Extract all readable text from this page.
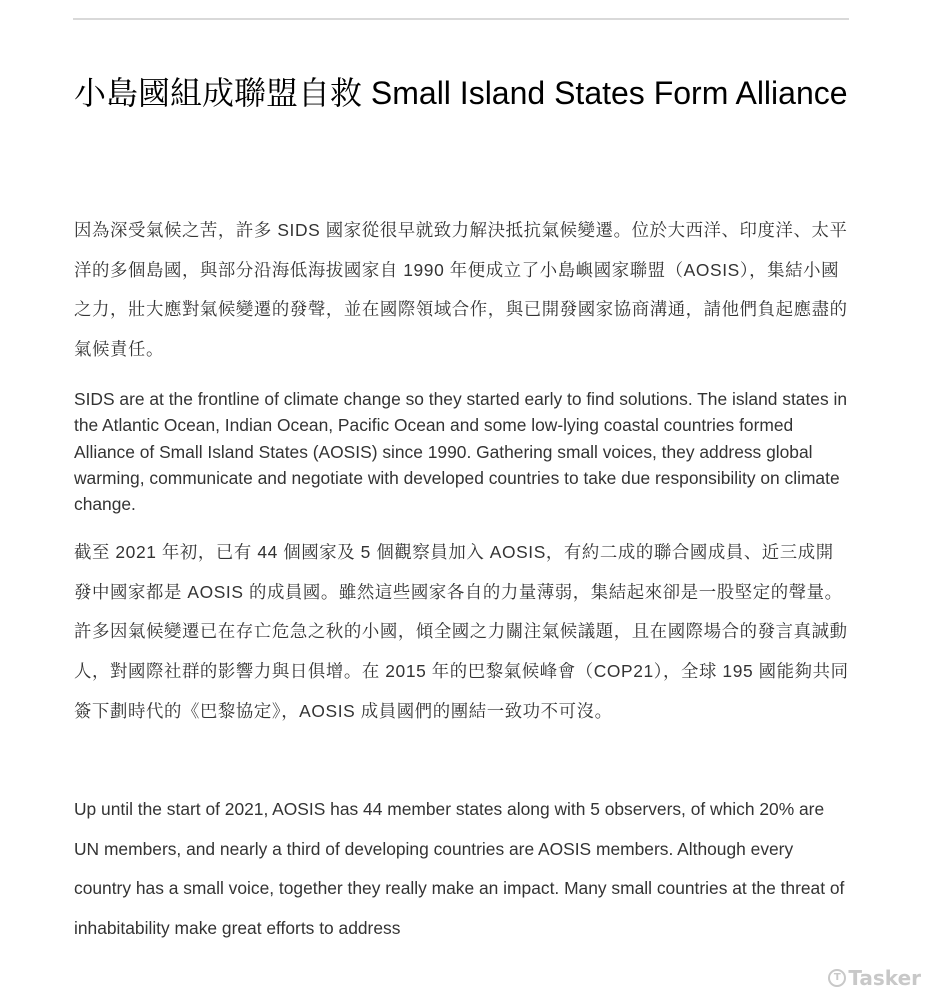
小島國組成聯盟自救 Small Island States Form Alliance

因為深受氣候之苦，許多 SIDS 國家從很早就致力解決抵抗氣候變遷。位於大西洋、印度洋、太平洋的多個島國，與部分沿海低海拔國家自 1990 年便成立了小島嶼國家聯盟（AOSIS），集結小國之力，壯大應對氣候變遷的發聲，並在國際領域合作，與已開發國家協商溝通，請他們負起應盡的氣候責任。

SIDS are at the frontline of climate change so they started early to find solutions. The island states in the Atlantic Ocean, Indian Ocean, Pacific Ocean and some low-lying coastal countries formed Alliance of Small Island States (AOSIS) since 1990. Gathering small voices, they address global warming, communicate and negotiate with developed countries to take due responsibility on climate change.

截至 2021 年初，已有 44 個國家及 5 個觀察員加入 AOSIS，有約二成的聯合國成員、近三成開發中國家都是 AOSIS 的成員國。雖然這些國家各自的力量薄弱，集結起來卻是一股堅定的聲量。許多因氣候變遷已在存亡危急之秋的小國，傾全國之力關注氣候議題，且在國際場合的發言真誠動人，對國際社群的影響力與日俱增。在 2015 年的巴黎氣候峰會（COP21），全球 195 國能夠共同簽下劃時代的《巴黎協定》，AOSIS 成員國們的團結一致功不可沒。

Up until the start of 2021, AOSIS has 44 member states along with 5 observers, of which 20% are UN members, and nearly a third of developing countries are AOSIS members. Although every country has a small voice, together they really make an impact. Many small countries at the threat of inhabitability make great efforts to address

T Tasker
